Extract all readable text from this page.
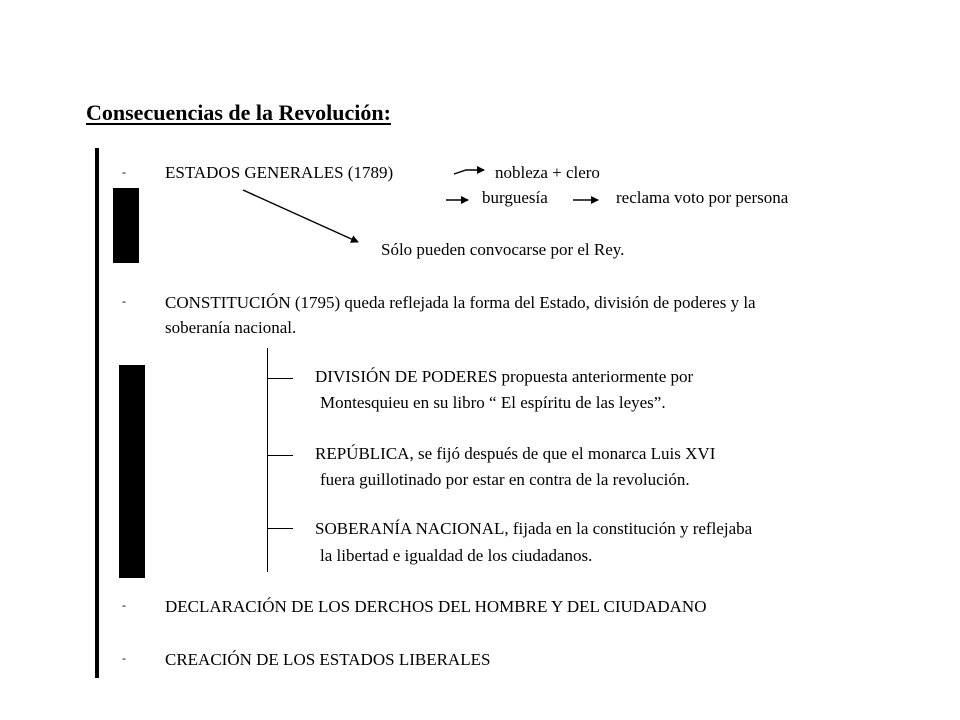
Consecuencias de la Revolución:
-
-
-
-
ESTADOS GENERALES (1789)	nobleza + clero
burguesía	reclama voto por persona
Sólo pueden convocarse por el Rey.
CONSTITUCIÓN (1795) queda reflejada la forma del Estado, división de poderes y la
soberanía nacional.
DIVISIÓN DE PODERES propuesta anteriormente por
Montesquieu en su libro “ El espíritu de las leyes”.
REPÚBLICA, se fijó después de que el monarca Luis XVI
fuera guillotinado por estar en contra de la revolución.
SOBERANÍA NACIONAL, fijada en la constitución y reflejaba
la libertad e igualdad de los ciudadanos.
DECLARACIÓN DE LOS DERCHOS DEL HOMBRE Y DEL CIUDADANO
CREACIÓN DE LOS ESTADOS LIBERALES
